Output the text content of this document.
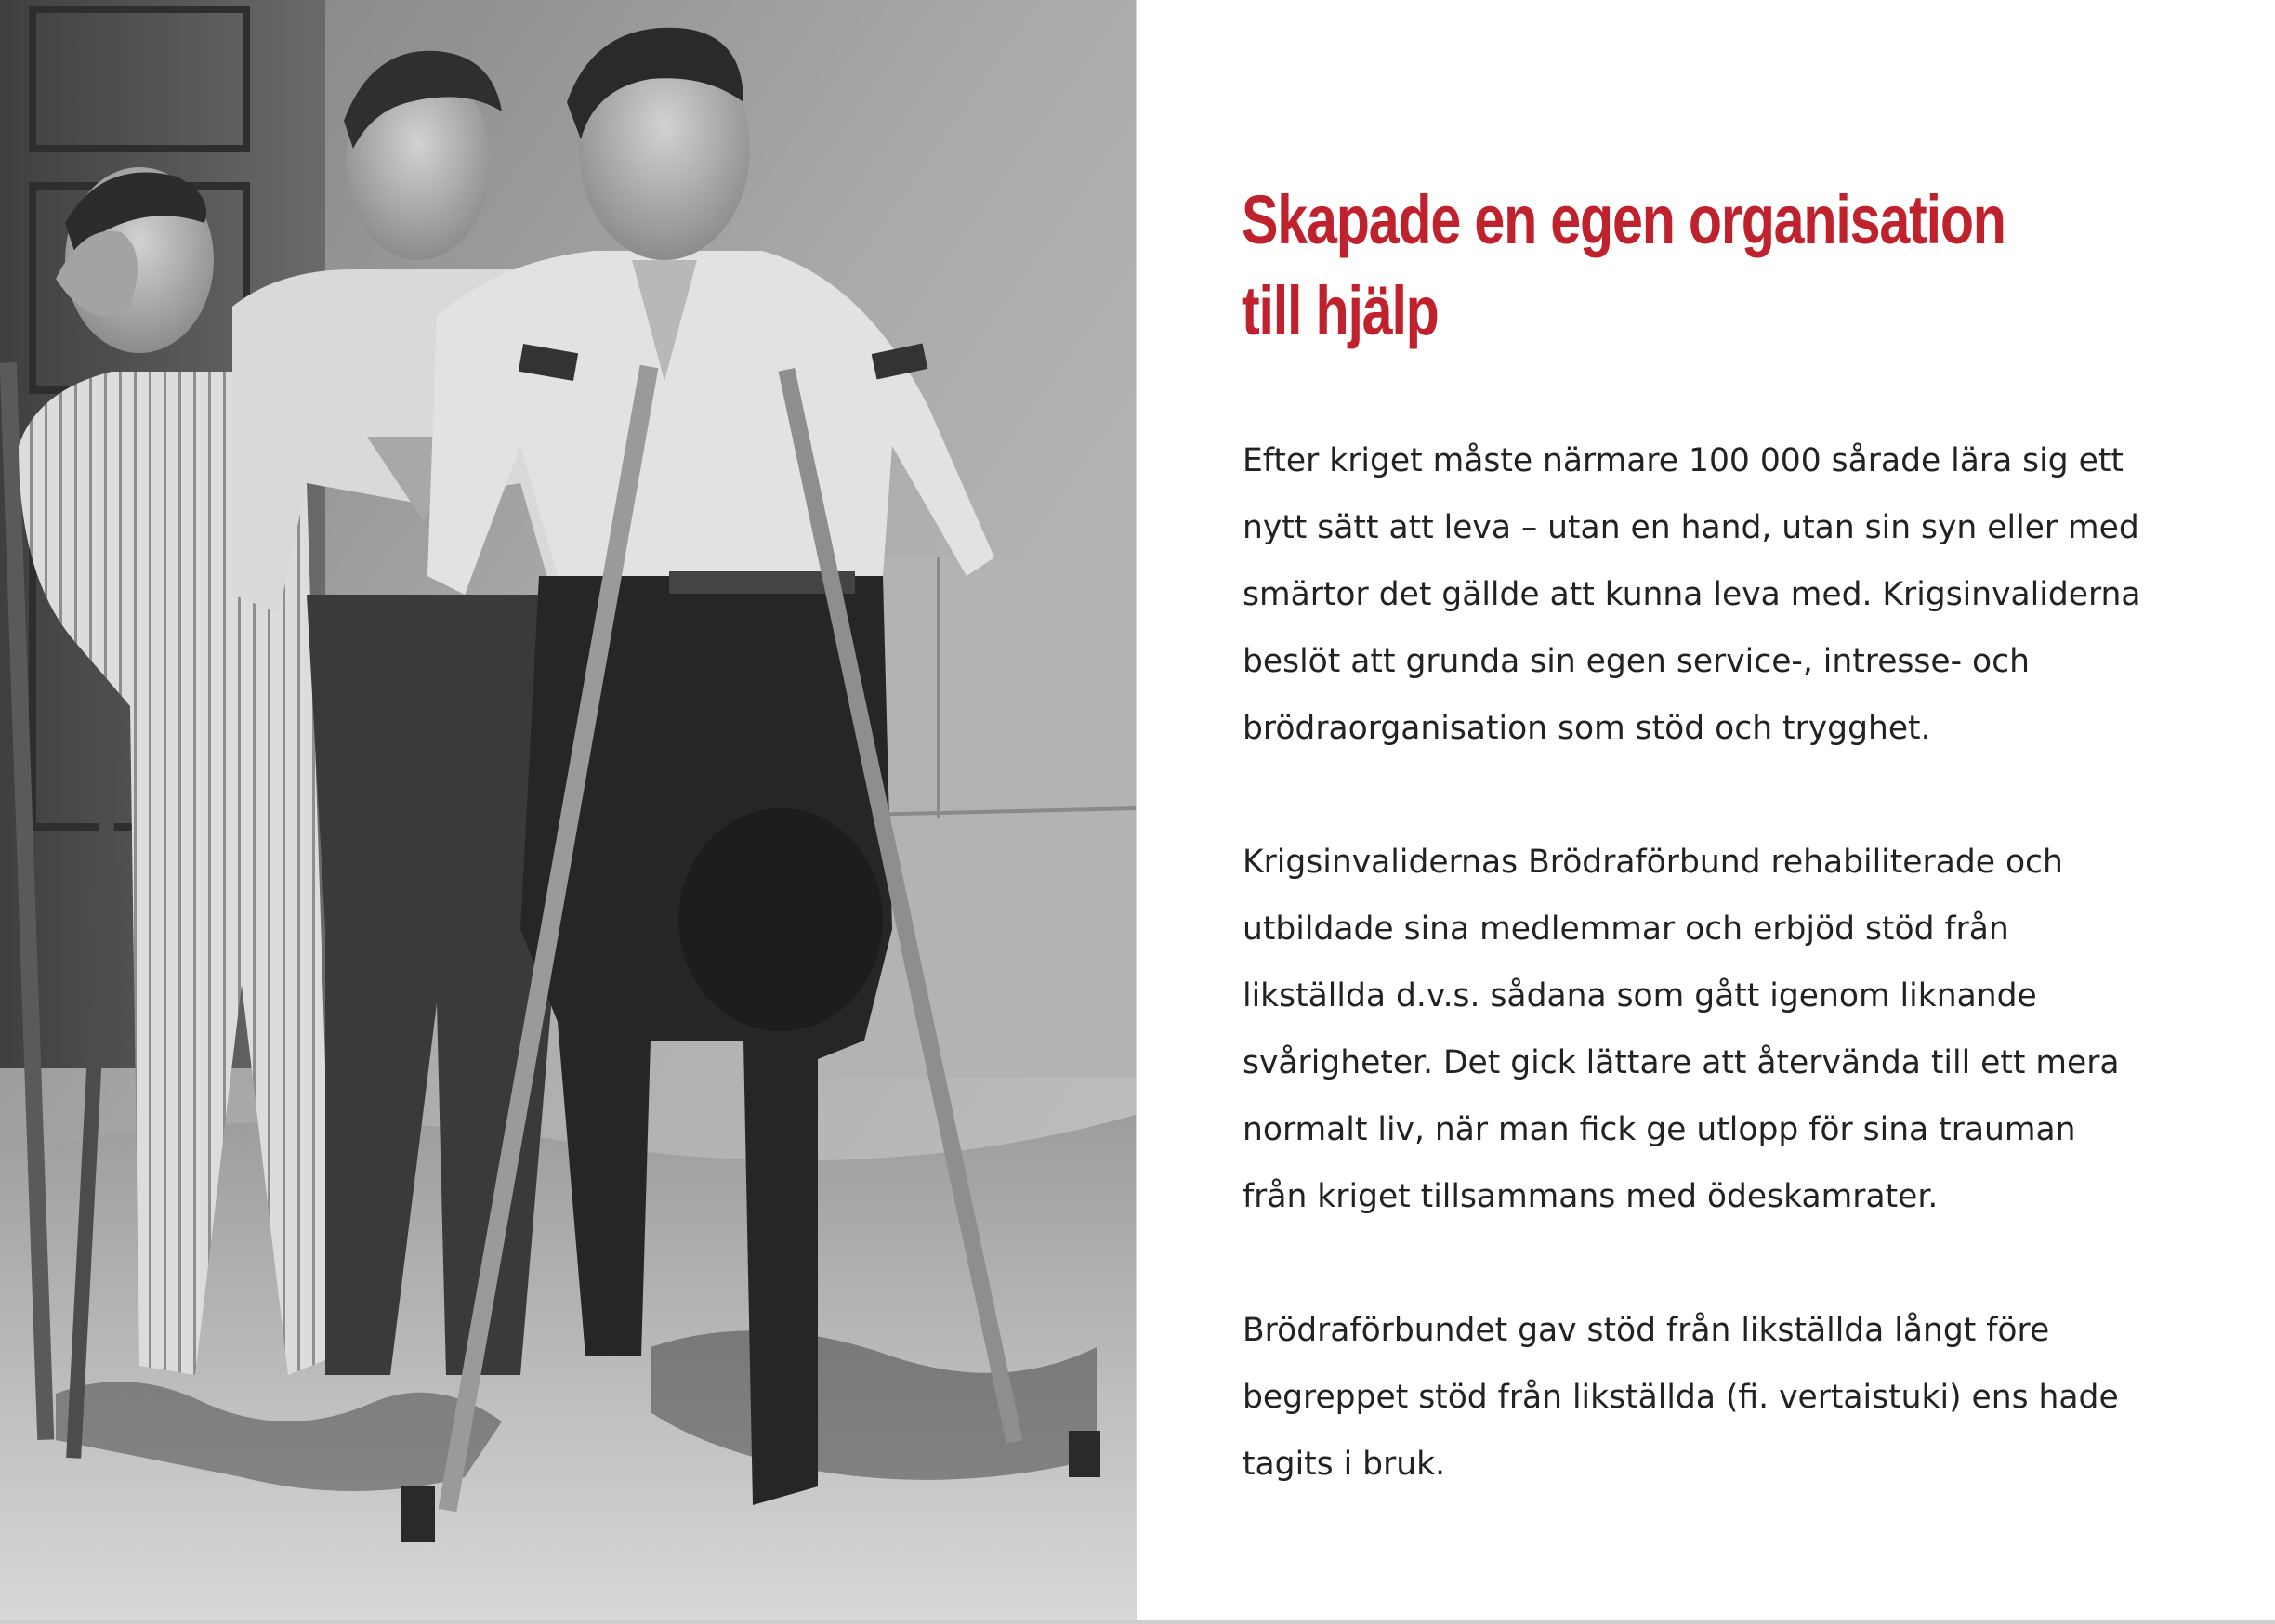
Skapade en egen organisation
till hjälp

Efter kriget måste närmare 100 000 sårade lära sig ett
nytt sätt att leva – utan en hand, utan sin syn eller med
smärtor det gällde att kunna leva med. Krigsinvaliderna
beslöt att grunda sin egen service-, intresse- och
brödraorganisation som stöd och trygghet.

Krigsinvalidernas Brödraförbund rehabiliterade och
utbildade sina medlemmar och erbjöd stöd från
likställda d.v.s. sådana som gått igenom liknande
svårigheter. Det gick lättare att återvända till ett mera
normalt liv, när man fick ge utlopp för sina trauman
från kriget tillsammans med ödeskamrater.

Brödraförbundet gav stöd från likställda långt före
begreppet stöd från likställda (fi. vertaistuki) ens hade
tagits i bruk.
